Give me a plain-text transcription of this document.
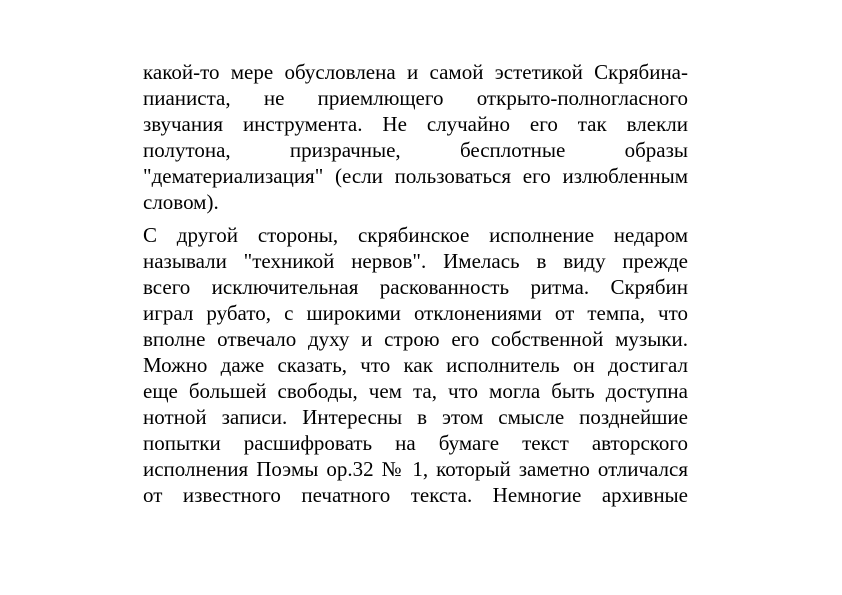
какой-то мере обусловлена и самой эстетикой Скрябина-
пианиста, не приемлющего открыто-полногласного
звучания инструмента. Не случайно его так влекли
полутона, призрачные, бесплотные образы
"дематериализация" (если пользоваться его излюбленным
словом).
С другой стороны, скрябинское исполнение недаром
называли "техникой нервов". Имелась в виду прежде
всего исключительная раскованность ритма. Скрябин
играл рубато, с широкими отклонениями от темпа, что
вполне отвечало духу и строю его собственной музыки.
Можно даже сказать, что как исполнитель он достигал
еще большей свободы, чем та, что могла быть доступна
нотной записи. Интересны в этом смысле позднейшие
попытки расшифровать на бумаге текст авторского
исполнения Поэмы op.32 № 1, который заметно отличался
от известного печатного текста. Немногие архивные
